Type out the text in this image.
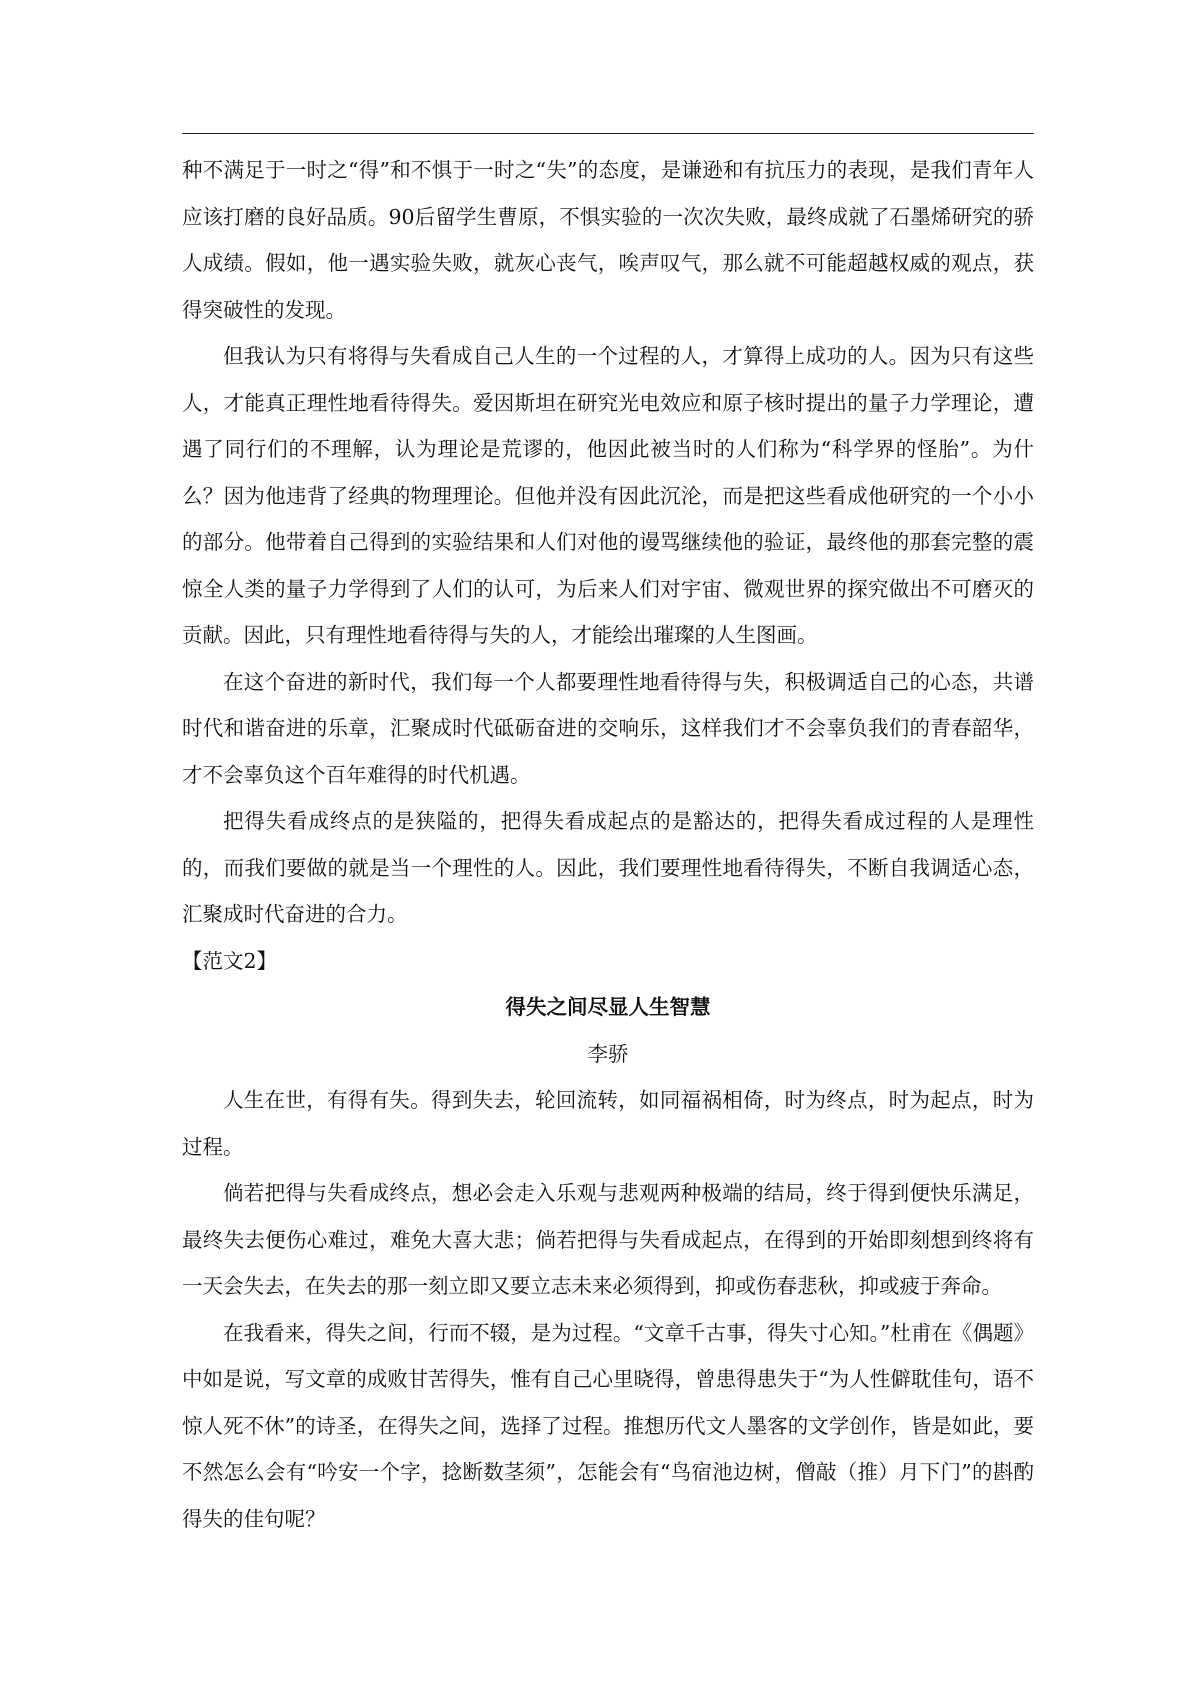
种不满足于一时之“得”和不惧于一时之“失”的态度，是谦逊和有抗压力的表现，是我们青年人应该打磨的良好品质。90后留学生曹原，不惧实验的一次次失败，最终成就了石墨烯研究的骄人成绩。假如，他一遇实验失败，就灰心丧气，唉声叹气，那么就不可能超越权威的观点，获得突破性的发现。

但我认为只有将得与失看成自己人生的一个过程的人，才算得上成功的人。因为只有这些人，才能真正理性地看待得失。爱因斯坦在研究光电效应和原子核时提出的量子力学理论，遭遇了同行们的不理解，认为理论是荒谬的，他因此被当时的人们称为“科学界的怪胎”。为什么？因为他违背了经典的物理理论。但他并没有因此沉沦，而是把这些看成他研究的一个小小的部分。他带着自己得到的实验结果和人们对他的谩骂继续他的验证，最终他的那套完整的震惊全人类的量子力学得到了人们的认可，为后来人们对宇宙、微观世界的探究做出不可磨灭的贡献。因此，只有理性地看待得与失的人，才能绘出璀璨的人生图画。

在这个奋进的新时代，我们每一个人都要理性地看待得与失，积极调适自己的心态，共谱时代和谐奋进的乐章，汇聚成时代砥砺奋进的交响乐，这样我们才不会辜负我们的青春韶华，才不会辜负这个百年难得的时代机遇。

把得失看成终点的是狭隘的，把得失看成起点的是豁达的，把得失看成过程的人是理性的，而我们要做的就是当一个理性的人。因此，我们要理性地看待得失，不断自我调适心态，汇聚成时代奋进的合力。

【范文2】

得失之间尽显人生智慧

李骄

人生在世，有得有失。得到失去，轮回流转，如同福祸相倚，时为终点，时为起点，时为过程。

倘若把得与失看成终点，想必会走入乐观与悲观两种极端的结局，终于得到便快乐满足，最终失去便伤心难过，难免大喜大悲；倘若把得与失看成起点，在得到的开始即刻想到终将有一天会失去，在失去的那一刻立即又要立志未来必须得到，抑或伤春悲秋，抑或疲于奔命。

在我看来，得失之间，行而不辍，是为过程。“文章千古事，得失寸心知。”杜甫在《偶题》中如是说，写文章的成败甘苦得失，惟有自己心里晓得，曾患得患失于“为人性僻耽佳句，语不惊人死不休”的诗圣，在得失之间，选择了过程。推想历代文人墨客的文学创作，皆是如此，要不然怎么会有“吟安一个字，捻断数茎须”，怎能会有“鸟宿池边树，僧敲（推）月下门”的斟酌得失的佳句呢？
